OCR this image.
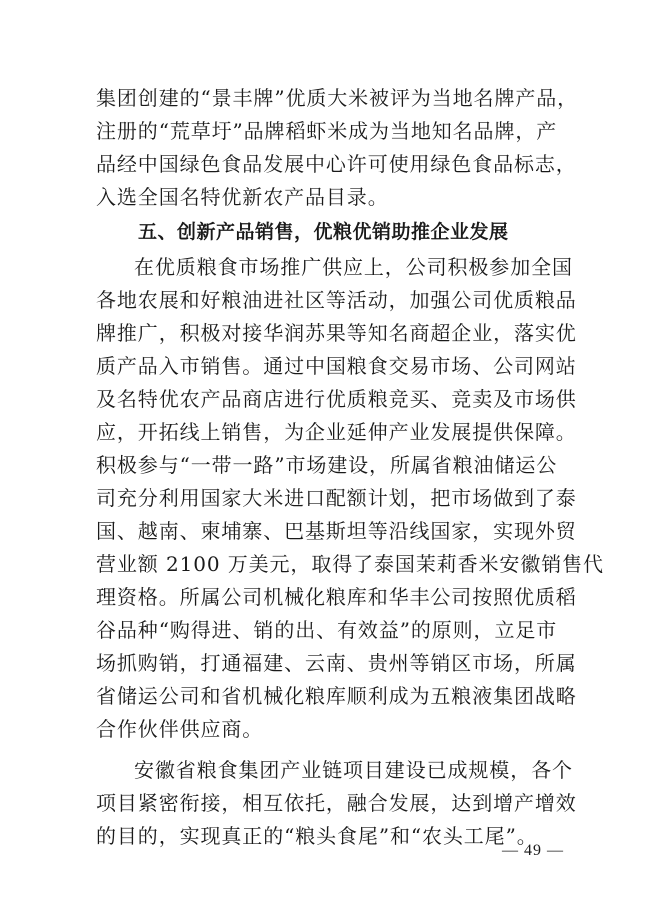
集团创建的“景丰牌”优质大米被评为当地名牌产品，
注册的“荒草圩”品牌稻虾米成为当地知名品牌，产
品经中国绿色食品发展中心许可使用绿色食品标志，
入选全国名特优新农产品目录。
五、创新产品销售，优粮优销助推企业发展
在优质粮食市场推广供应上，公司积极参加全国
各地农展和好粮油进社区等活动，加强公司优质粮品
牌推广，积极对接华润苏果等知名商超企业，落实优
质产品入市销售。通过中国粮食交易市场、公司网站
及名特优农产品商店进行优质粮竞买、竞卖及市场供
应，开拓线上销售，为企业延伸产业发展提供保障。
积极参与“一带一路”市场建设，所属省粮油储运公
司充分利用国家大米进口配额计划，把市场做到了泰
国、越南、柬埔寨、巴基斯坦等沿线国家，实现外贸
营业额 2100 万美元，取得了泰国茉莉香米安徽销售代
理资格。所属公司机械化粮库和华丰公司按照优质稻
谷品种“购得进、销的出、有效益”的原则，立足市
场抓购销，打通福建、云南、贵州等销区市场，所属
省储运公司和省机械化粮库顺利成为五粮液集团战略
合作伙伴供应商。
安徽省粮食集团产业链项目建设已成规模，各个
项目紧密衔接，相互依托，融合发展，达到增产增效
的目的，实现真正的“粮头食尾”和“农头工尾”。
— 49 —
